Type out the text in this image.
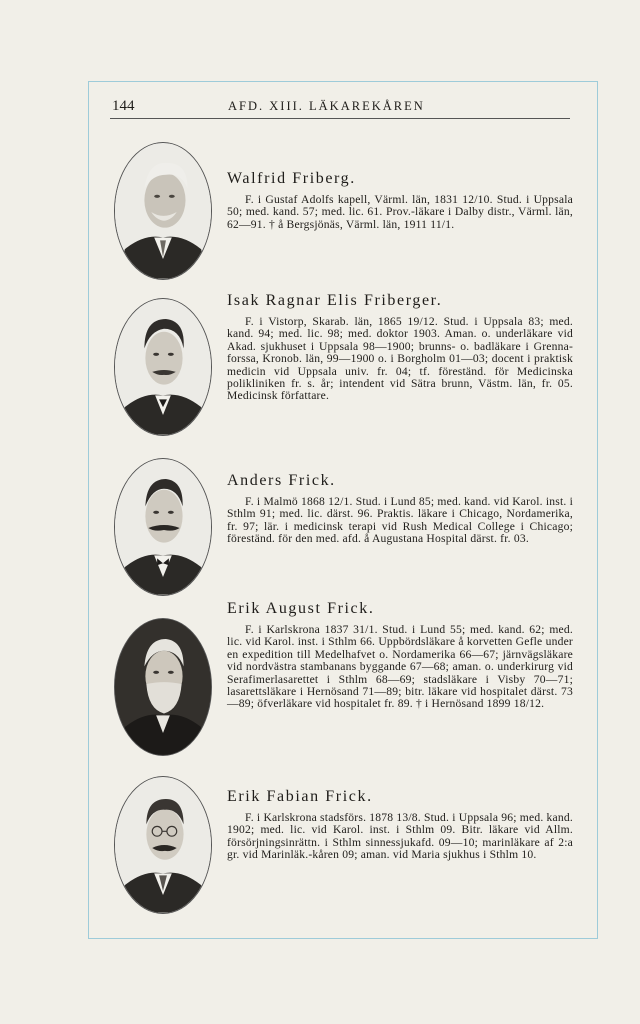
144	AFD. XIII. LÄKAREKÅREN
Walfrid Friberg.

F. i Gustaf Adolfs kapell, Värml. län, 1831 12/10. Stud. i Uppsala 50; med. kand. 57; med. lic. 61. Prov.-läkare i Dalby distr., Värml. län, 62—91. † å Bergsjönäs, Värml. län, 1911 11/1.

Isak Ragnar Elis Friberger.

F. i Vistorp, Skarab. län, 1865 19/12. Stud. i Uppsala 83; med. kand. 94; med. lic. 98; med. doktor 1903. Aman. o. underläkare vid Akad. sjukhuset i Uppsala 98—1900; brunns- o. badläkare i Grenna-forssa, Kronob. län, 99—1900 o. i Borgholm 01—03; docent i praktisk medicin vid Uppsala univ. fr. 04; tf. föreständ. för Medicinska polikliniken fr. s. år; intendent vid Sätra brunn, Västm. län, fr. 05. Medicinsk författare.

Anders Frick.

F. i Malmö 1868 12/1. Stud. i Lund 85; med. kand. vid Karol. inst. i Sthlm 91; med. lic. därst. 96. Praktis. läkare i Chicago, Nordamerika, fr. 97; lär. i medicinsk terapi vid Rush Medical College i Chicago; föreständ. för den med. afd. å Augustana Hospital därst. fr. 03.

Erik August Frick.

F. i Karlskrona 1837 31/1. Stud. i Lund 55; med. kand. 62; med. lic. vid Karol. inst. i Sthlm 66. Uppbördsläkare å korvetten Gefle under en expedition till Medelhafvet o. Nordamerika 66—67; järnvägsläkare vid nordvästra stambanans byggande 67—68; aman. o. underkirurg vid Serafimerlasarettet i Sthlm 68—69; stadsläkare i Visby 70—71; lasarettsläkare i Hernösand 71—89; bitr. läkare vid hospitalet därst. 73—89; öfverläkare vid hospitalet fr. 89. † i Hernösand 1899 18/12.

Erik Fabian Frick.

F. i Karlskrona stadsförs. 1878 13/8. Stud. i Uppsala 96; med. kand. 1902; med. lic. vid Karol. inst. i Sthlm 09. Bitr. läkare vid Allm. försörjningsinrättn. i Sthlm sinnessjukafd. 09—10; marinläkare af 2:a gr. vid Marinläk.-kåren 09; aman. vid Maria sjukhus i Sthlm 10.
